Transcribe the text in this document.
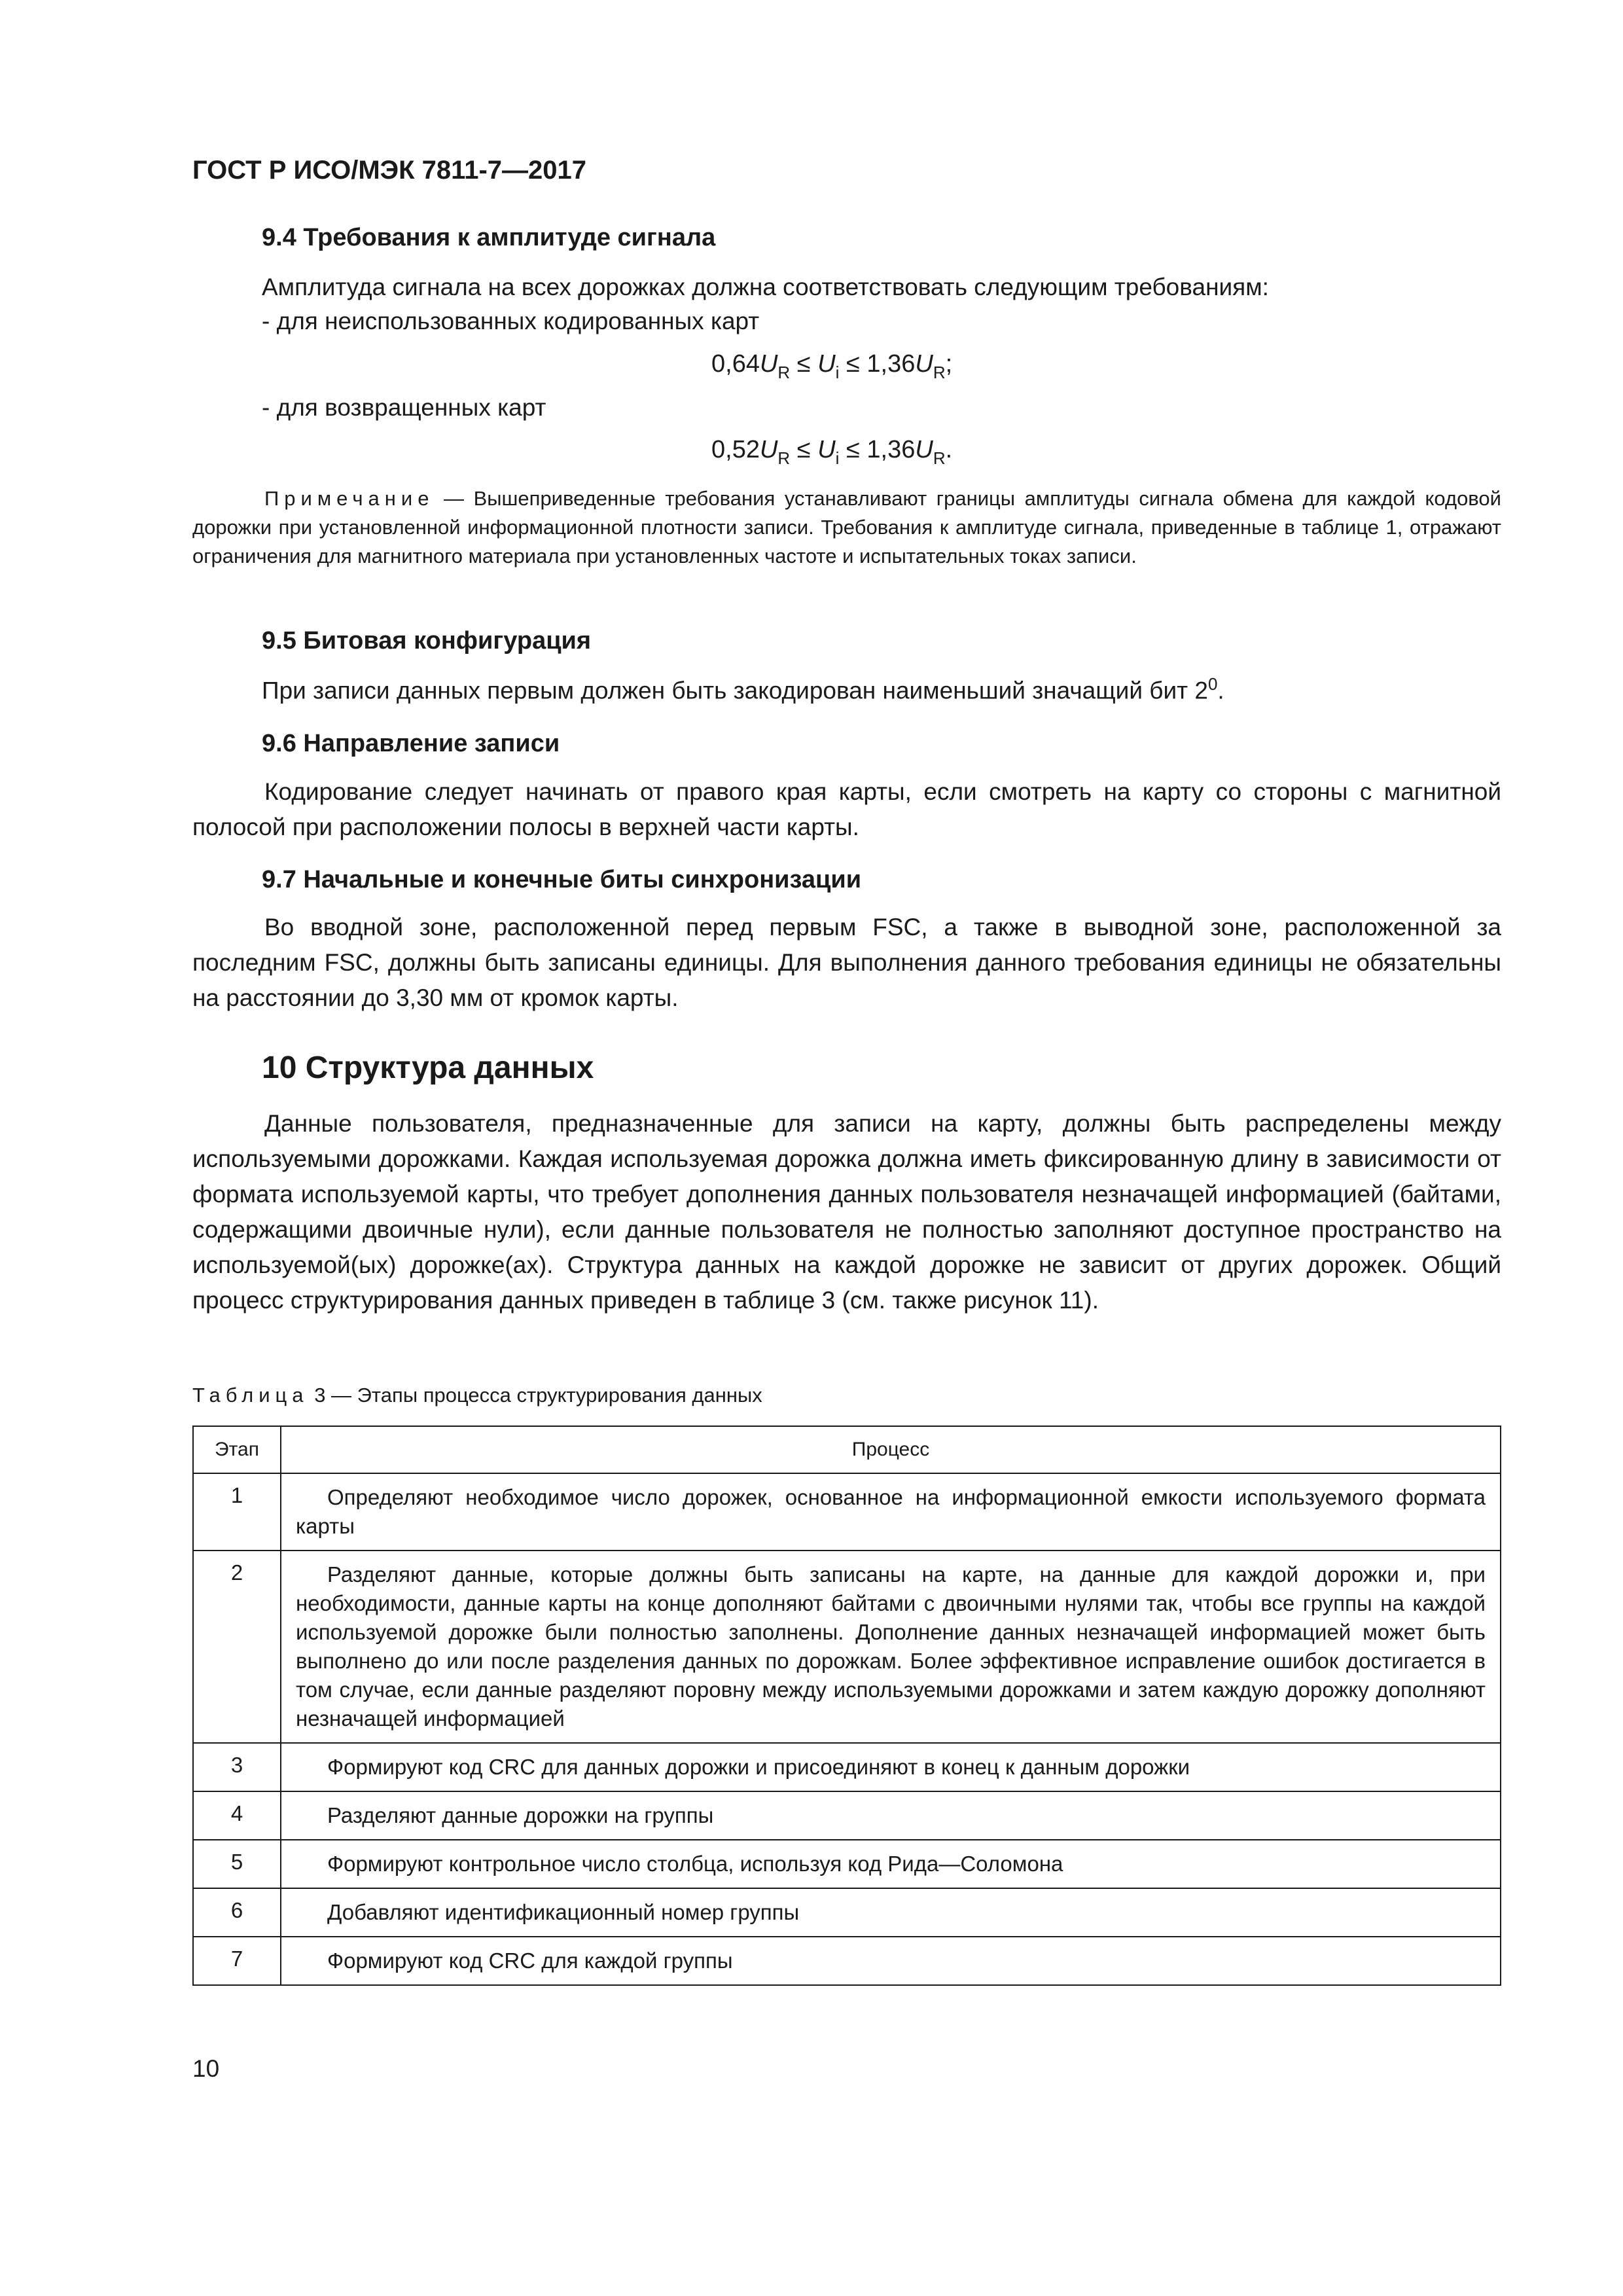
ГОСТ Р ИСО/МЭК 7811-7—2017
9.4 Требования к амплитуде сигнала
Амплитуда сигнала на всех дорожках должна соответствовать следующим требованиям:
- для неиспользованных кодированных карт
$0,64U_R \le U_i \le 1,36U_R$;
- для возвращенных карт
$0,52U_R \le U_i \le 1,36U_R$.
Примечание — Вышеприведенные требования устанавливают границы амплитуды сигнала обмена для каждой кодовой дорожки при установленной информационной плотности записи. Требования к амплитуде сигнала, приведенные в таблице 1, отражают ограничения для магнитного материала при установленных частоте и испытательных токах записи.
9.5 Битовая конфигурация
При записи данных первым должен быть закодирован наименьший значащий бит $2^0$.
9.6 Направление записи
Кодирование следует начинать от правого края карты, если смотреть на карту со стороны с магнитной полосой при расположении полосы в верхней части карты.
9.7 Начальные и конечные биты синхронизации
Во вводной зоне, расположенной перед первым FSC, а также в выводной зоне, расположенной за последним FSC, должны быть записаны единицы. Для выполнения данного требования единицы не обязательны на расстоянии до 3,30 мм от кромок карты.
10 Структура данных
Данные пользователя, предназначенные для записи на карту, должны быть распределены между используемыми дорожками. Каждая используемая дорожка должна иметь фиксированную длину в зависимости от формата используемой карты, что требует дополнения данных пользователя незначащей информацией (байтами, содержащими двоичные нули), если данные пользователя не полностью заполняют доступное пространство на используемой(ых) дорожке(ах). Структура данных на каждой дорожке не зависит от других дорожек. Общий процесс структурирования данных приведен в таблице 3 (см. также рисунок 11).
Таблица 3 — Этапы процесса структурирования данных
Этап	Процесс
1	Определяют необходимое число дорожек, основанное на информационной емкости используемого формата карты

2	Разделяют данные, которые должны быть записаны на карте, на данные для каждой дорожки и, при необходимости, данные карты на конце дополняют байтами с двоичными нулями так, чтобы все группы на каждой используемой дорожке были полностью заполнены. Дополнение данных незначащей информацией может быть выполнено до или после разделения данных по дорожкам. Более эффективное исправление ошибок достигается в том случае, если данные разделяют поровну между используемыми дорожками и затем каждую дорожку дополняют незначащей информацией

3	Формируют код CRC для данных дорожки и присоединяют в конец к данным дорожки

4	Разделяют данные дорожки на группы

5	Формируют контрольное число столбца, используя код Рида—Соломона

6	Добавляют идентификационный номер группы

7	Формируют код CRC для каждой группы
10
